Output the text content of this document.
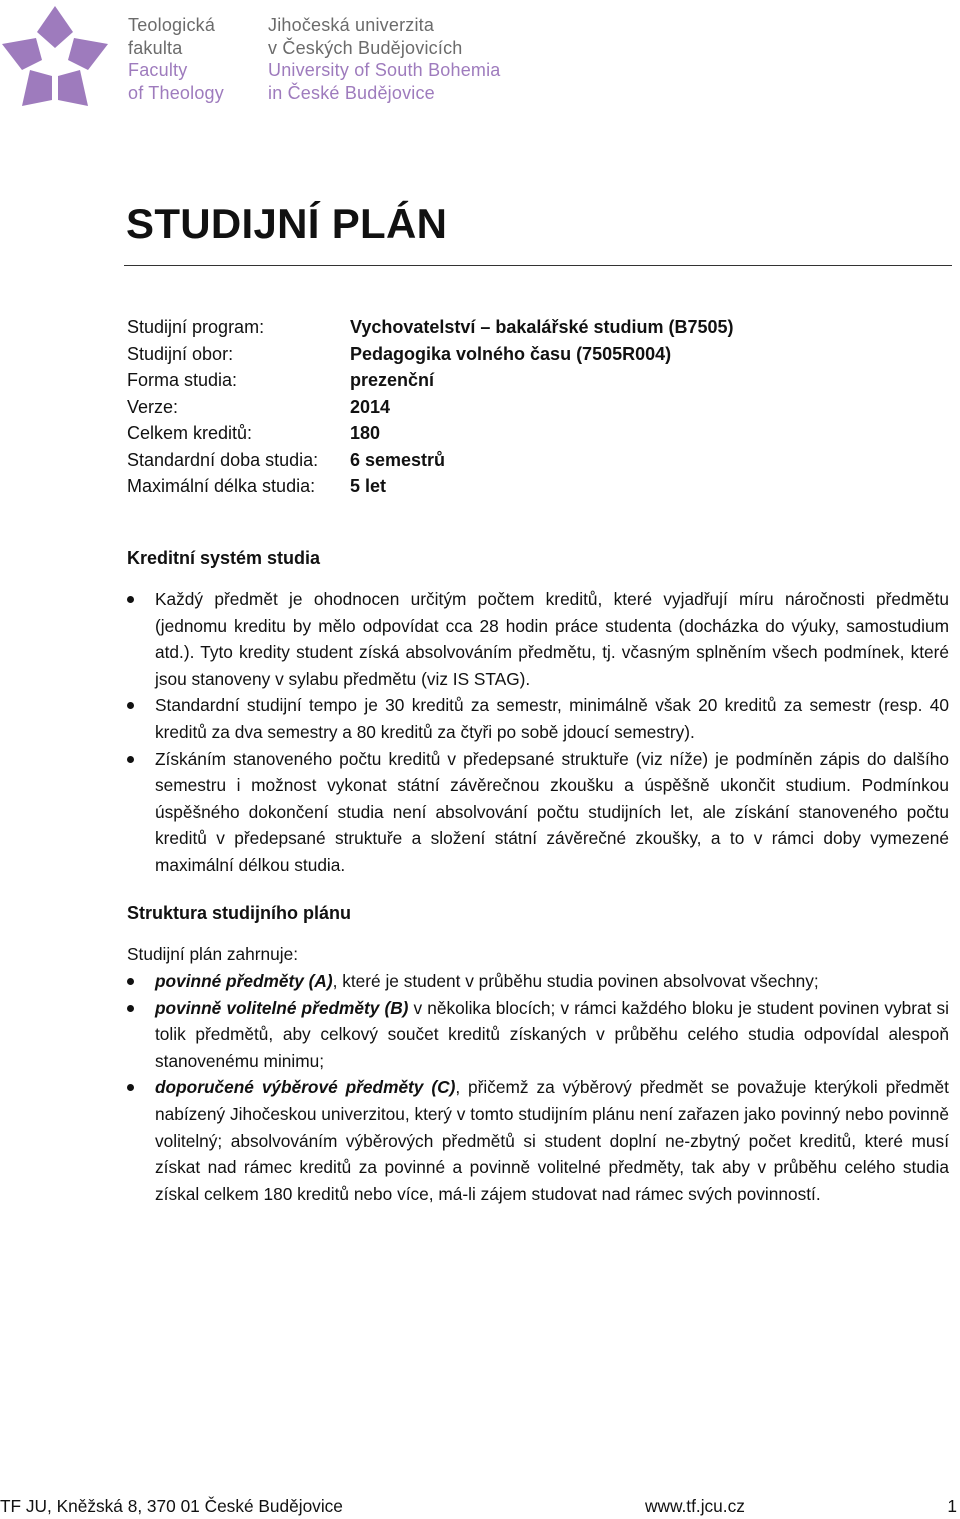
Teologická
fakulta
Faculty
of Theology
Jihočeská univerzita
v Českých Budějovicích
University of South Bohemia
in České Budějovice
STUDIJNÍ PLÁN
Studijní program:	Vychovatelství – bakalářské studium (B7505)
Studijní obor:	Pedagogika volného času (7505R004)
Forma studia:	prezenční
Verze:	2014
Celkem kreditů:	180
Standardní doba studia: 6 semestrů
Maximální délka studia: 5 let
Kreditní systém studia
Každý předmět je ohodnocen určitým počtem kreditů, které vyjadřují míru náročnosti předmětu (jednomu kreditu by mělo odpovídat cca 28 hodin práce studenta (docházka do výuky, samostudium atd.). Tyto kredity student získá absolvováním předmětu, tj. včasným splněním všech podmínek, které jsou stanoveny v sylabu předmětu (viz IS STAG).
Standardní studijní tempo je 30 kreditů za semestr, minimálně však 20 kreditů za semestr (resp. 40 kreditů za dva semestry a 80 kreditů za čtyři po sobě jdoucí semestry).
Získáním stanoveného počtu kreditů v předepsané struktuře (viz níže) je podmíněn zápis do dalšího semestru i možnost vykonat státní závěrečnou zkoušku a úspěšně ukončit studium. Podmínkou úspěšného dokončení studia není absolvování počtu studijních let, ale získání stanoveného počtu kreditů v předepsané struktuře a složení státní závěrečné zkoušky, a to v rámci doby vymezené maximální délkou studia.
Struktura studijního plánu

Studijní plán zahrnuje:

povinné předměty (A), které je student v průběhu studia povinen absolvovat všechny;
povinně volitelné předměty (B) v několika blocích; v rámci každého bloku je student povinen vybrat si tolik předmětů, aby celkový součet kreditů získaných v průběhu celého studia odpovídal alespoň stanovenému minimu;
doporučené výběrové předměty (C), přičemž za výběrový předmět se považuje kterýkoli předmět nabízený Jihočeskou univerzitou, který v tomto studijním plánu není zařazen jako povinný nebo povinně volitelný; absolvováním výběrových předmětů si student doplní ne-zbytný počet kreditů, které musí získat nad rámec kreditů za povinné a povinně volitelné předměty, tak aby v průběhu celého studia získal celkem 180 kreditů nebo více, má-li zájem studovat nad rámec svých povinností.
TF JU, Kněžská 8, 370 01 České Budějovice	www.tf.jcu.cz	1
